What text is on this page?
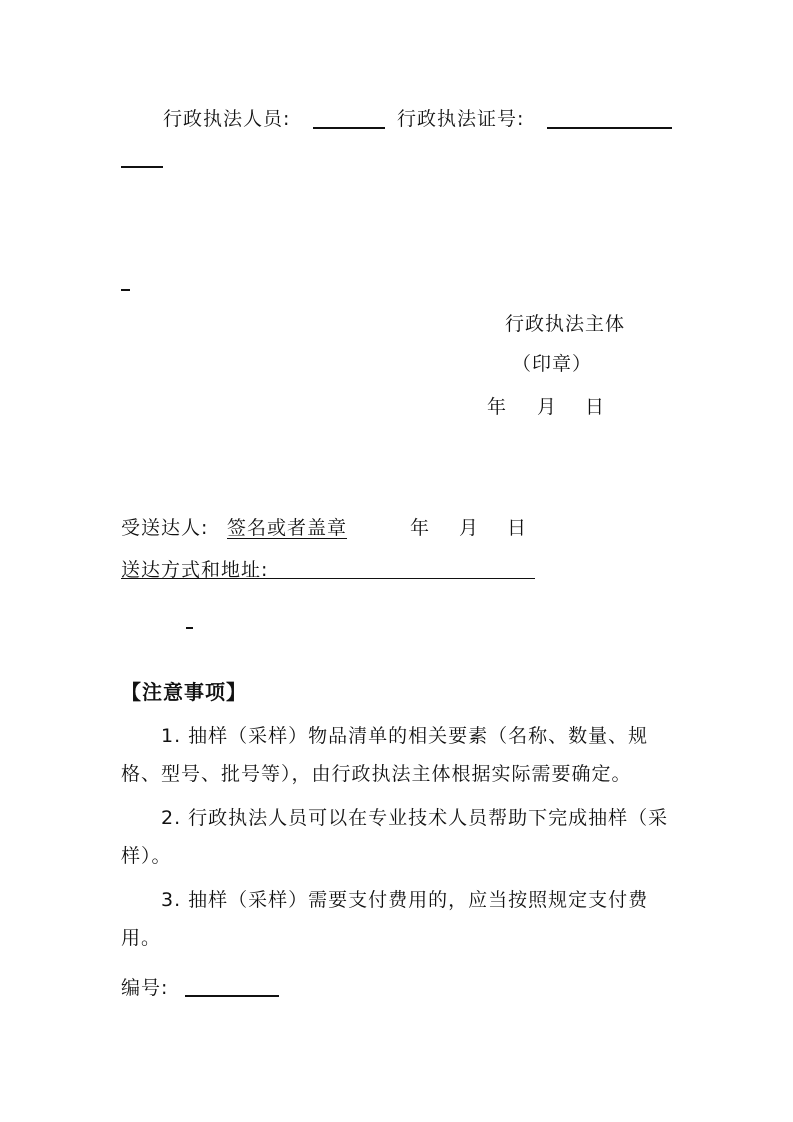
行政执法人员:	行政执法证号:
行政执法主体
（印章）
年 月 日
受送达人: 签名或者盖章	年 月 日
送达方式和地址:
【注意事项】
1. 抽样（采样）物品清单的相关要素（名称、数量、规格、型号、批号等），由行政执法主体根据实际需要确定。
2. 行政执法人员可以在专业技术人员帮助下完成抽样（采样）。
3. 抽样（采样）需要支付费用的，应当按照规定支付费用。
编号:
